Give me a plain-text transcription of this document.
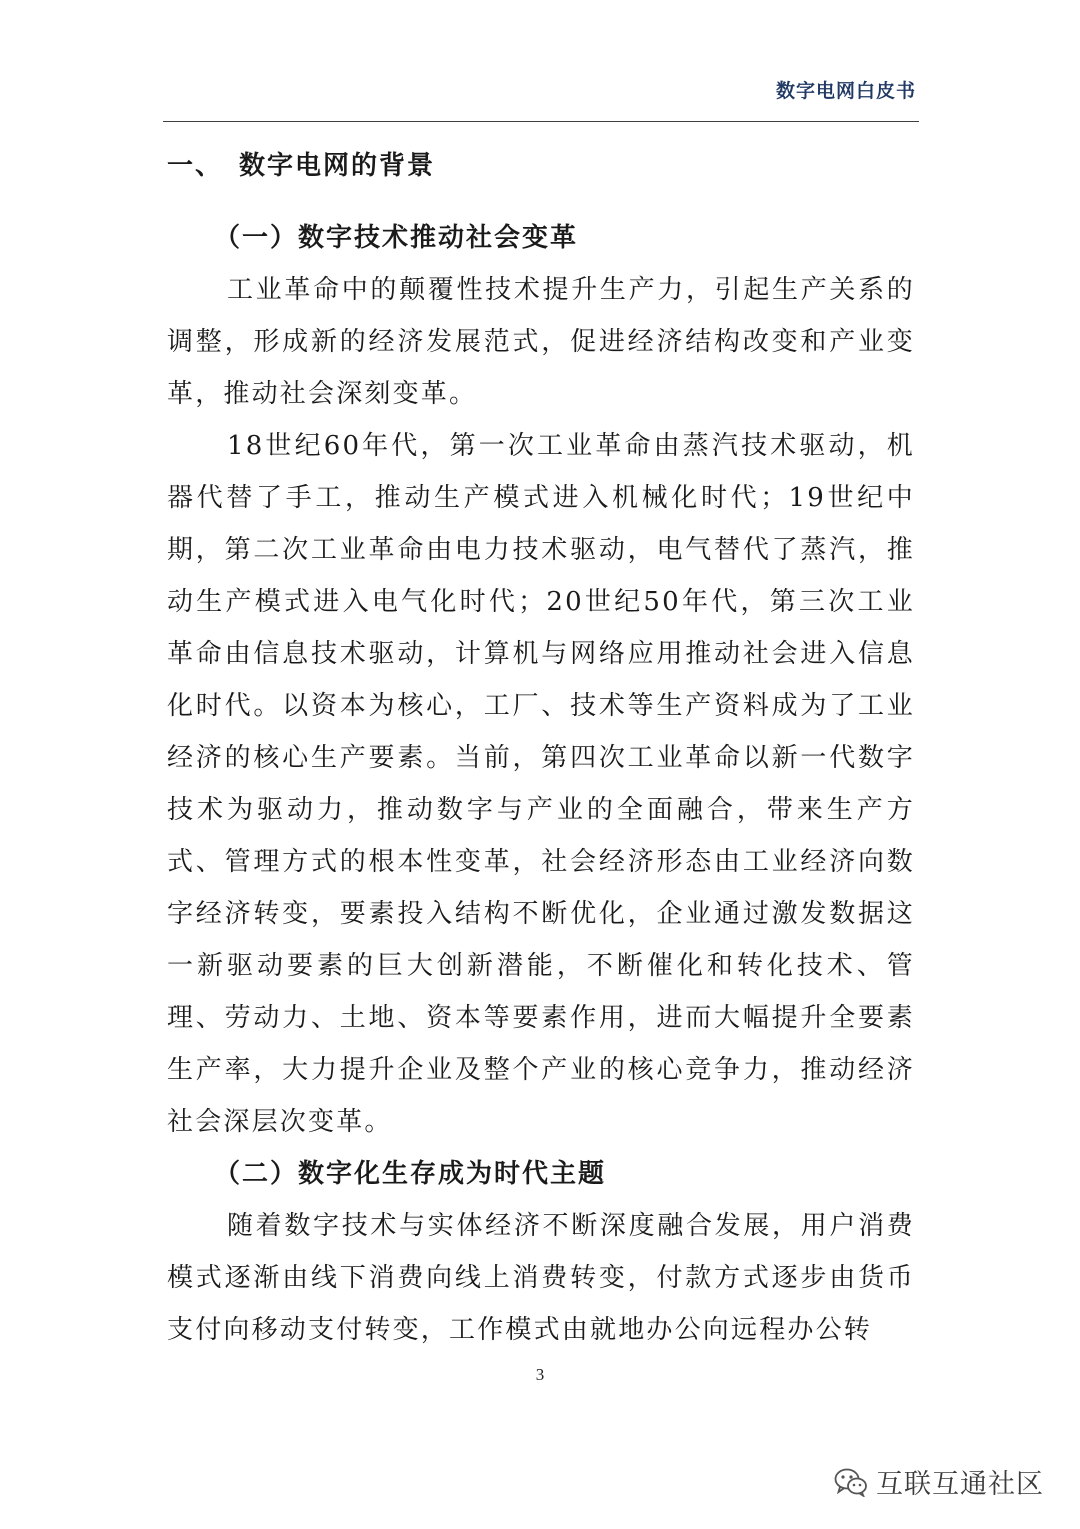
数字电网白皮书
一、 数字电网的背景
（一）数字技术推动社会变革

工业革命中的颠覆性技术提升生产力，引起生产关系的调整，形成新的经济发展范式，促进经济结构改变和产业变革，推动社会深刻变革。

18世纪60年代，第一次工业革命由蒸汽技术驱动，机器代替了手工，推动生产模式进入机械化时代；19世纪中期，第二次工业革命由电力技术驱动，电气替代了蒸汽，推动生产模式进入电气化时代；20世纪50年代，第三次工业革命由信息技术驱动，计算机与网络应用推动社会进入信息化时代。以资本为核心，工厂、技术等生产资料成为了工业经济的核心生产要素。当前，第四次工业革命以新一代数字技术为驱动力，推动数字与产业的全面融合，带来生产方式、管理方式的根本性变革，社会经济形态由工业经济向数字经济转变，要素投入结构不断优化，企业通过激发数据这一新驱动要素的巨大创新潜能，不断催化和转化技术、管理、劳动力、土地、资本等要素作用，进而大幅提升全要素生产率，大力提升企业及整个产业的核心竞争力，推动经济社会深层次变革。

（二）数字化生存成为时代主题

随着数字技术与实体经济不断深度融合发展，用户消费模式逐渐由线下消费向线上消费转变，付款方式逐步由货币支付向移动支付转变，工作模式由就地办公向远程办公转

3
互联互通社区
